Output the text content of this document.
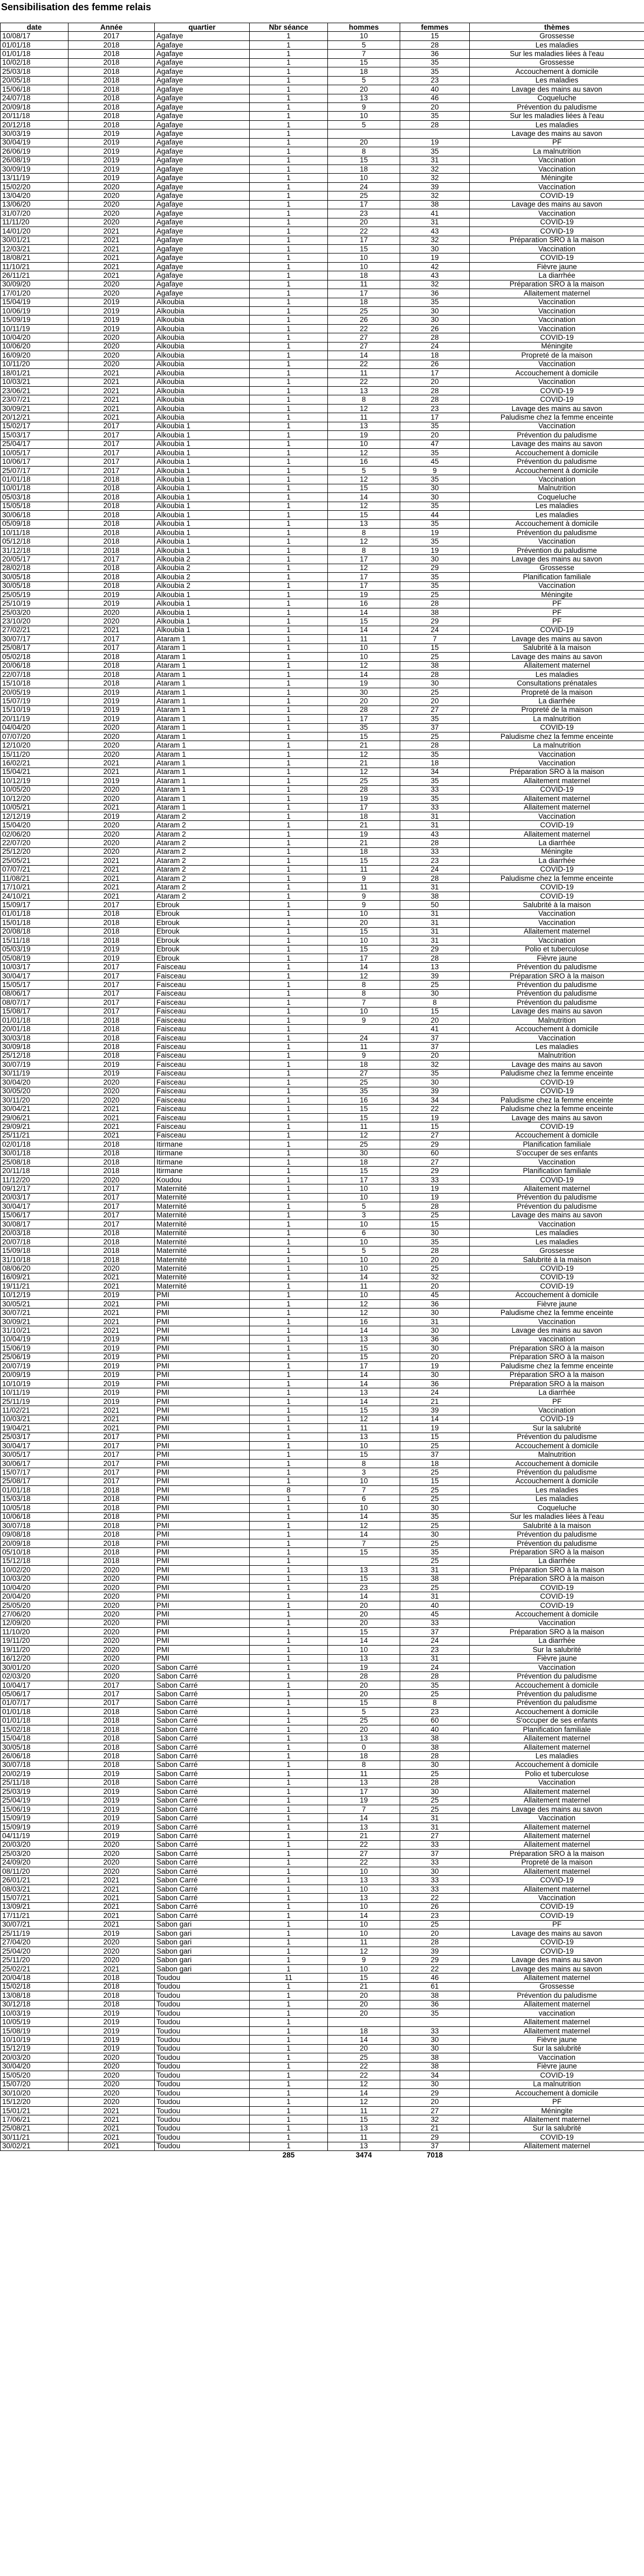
Sensibilisation des femme relais
date	Année	quartier	Nbr séance	hommes	femmes	thèmes
10/08/17	2017	Agafaye	1	10	15	Grossesse
01/01/18	2018	Agafaye	1	5	28	Les maladies
01/01/18	2018	Agafaye	1	7	36	Sur les maladies liées à l'eau
10/02/18	2018	Agafaye	1	15	35	Grossesse
25/03/18	2018	Agafaye	1	18	35	Accouchement à domicile
20/05/18	2018	Agafaye	1	5	23	Les maladies
15/06/18	2018	Agafaye	1	20	40	Lavage des mains au savon
24/07/18	2018	Agafaye	1	13	46	Coqueluche
20/09/18	2018	Agafaye	1	9	20	Prévention du paludisme
20/11/18	2018	Agafaye	1	10	35	Sur les maladies liées à l'eau
20/12/18	2018	Agafaye	1	5	28	Les maladies
30/03/19	2019	Agafaye	1			Lavage des mains au savon
30/04/19	2019	Agafaye	1	20	19	PF
26/06/19	2019	Agafaye	1	8	35	La malnutrition
26/08/19	2019	Agafaye	1	15	31	Vaccination
30/09/19	2019	Agafaye	1	18	32	Vaccination
13/11/19	2019	Agafaye	1	10	32	Méningite
15/02/20	2020	Agafaye	1	24	39	Vaccination
13/04/20	2020	Agafaye	1	25	32	COVID-19
13/06/20	2020	Agafaye	1	17	38	Lavage des mains au savon
31/07/20	2020	Agafaye	1	23	41	Vaccination
11/11/20	2020	Agafaye	1	20	31	COVID-19
14/01/20	2021	Agafaye	1	22	43	COVID-19
30/01/21	2021	Agafaye	1	17	32	Préparation SRO à la maison
12/03/21	2021	Agafaye	1	15	30	Vaccination
18/08/21	2021	Agafaye	1	10	19	COVID-19
11/10/21	2021	Agafaye	1	10	42	Fièvre jaune
26/11/21	2021	Agafaye	1	18	43	La diarrhée
30/09/20	2020	Agafaye	1	11	32	Préparation SRO à la maison
17/01/20	2020	Agafaye	1	17	36	Allaitement maternel
15/04/19	2019	Alkoubia	1	18	35	Vaccination
10/06/19	2019	Alkoubia	1	25	30	Vaccination
15/09/19	2019	Alkoubia	1	26	30	Vaccination
10/11/19	2019	Alkoubia	1	22	26	Vaccination
10/04/20	2020	Alkoubia	1	27	28	COVID-19
10/06/20	2020	Alkoubia	1	27	24	Méningite
16/09/20	2020	Alkoubia	1	14	18	Propreté de la maison
10/11/20	2020	Alkoubia	1	22	26	Vaccination
18/01/21	2021	Alkoubia	1	11	17	Accouchement à domicile
10/03/21	2021	Alkoubia	1	22	20	Vaccination
23/06/21	2021	Alkoubia	1	13	28	COVID-19
23/07/21	2021	Alkoubia	1	8	28	COVID-19
30/09/21	2021	Alkoubia	1	12	23	Lavage des mains au savon
20/12/21	2021	Alkoubia	1	11	17	Paludisme chez la femme enceinte
15/02/17	2017	Alkoubia 1	1	13	35	Vaccination
15/03/17	2017	Alkoubia 1	1	19	20	Prévention du paludisme
25/04/17	2017	Alkoubia 1	1	10	47	Lavage des mains au savon
10/05/17	2017	Alkoubia 1	1	12	35	Accouchement à domicile
10/06/17	2017	Alkoubia 1	1	16	45	Prévention du paludisme
25/07/17	2017	Alkoubia 1	1	5	9	Accouchement à domicile
01/01/18	2018	Alkoubia 1	1	12	35	Vaccination
10/01/18	2018	Alkoubia 1	1	15	30	Malnutrition
05/03/18	2018	Alkoubia 1	1	14	30	Coqueluche
15/05/18	2018	Alkoubia 1	1	12	35	Les maladies
30/06/18	2018	Alkoubia 1	1	15	44	Les maladies
05/09/18	2018	Alkoubia 1	1	13	35	Accouchement à domicile
10/11/18	2018	Alkoubia 1	1	8	19	Prévention du paludisme
05/12/18	2018	Alkoubia 1	1	12	35	Vaccination
31/12/18	2018	Alkoubia 1	1	8	19	Prévention du paludisme
20/05/17	2017	Alkoubia 2	1	17	30	Lavage des mains au savon
28/02/18	2018	Alkoubia 2	1	12	29	Grossesse
30/05/18	2018	Alkoubia 2	1	17	35	Planification familiale
30/05/18	2018	Alkoubia 2	1	17	35	Vaccination
25/05/19	2019	Alkoubia 1	1	19	25	Méningite
25/10/19	2019	Alkoubia 1	1	16	28	PF
25/03/20	2020	Alkoubia 1	1	14	38	PF
23/10/20	2020	Alkoubia 1	1	15	29	PF
27/02/21	2021	Alkoubia 1	1	14	24	COVID-19
30/07/17	2017	Ataram 1	1	11	7	Lavage des mains au savon
25/08/17	2017	Ataram 1	1	10	15	Salubrité à la maison
05/02/18	2018	Ataram 1	1	10	25	Lavage des mains au savon
20/06/18	2018	Ataram 1	1	12	38	Allaitement maternel
22/07/18	2018	Ataram 1	1	14	28	Les maladies
15/10/18	2018	Ataram 1	1	19	30	Consultations prénatales
20/05/19	2019	Ataram 1	1	30	25	Propreté de la maison
15/07/19	2019	Ataram 1	1	20	20	La diarrhée
15/10/19	2019	Ataram 1	1	28	27	Propreté de la maison
20/11/19	2019	Ataram 1	1	17	35	La malnutrition
04/04/20	2020	Ataram 1	1	35	37	COVID-19
07/07/20	2020	Ataram 1	1	15	25	Paludisme chez la femme enceinte
12/10/20	2020	Ataram 1	1	21	28	La malnutrition
15/11/20	2020	Ataram 1	1	12	35	Vaccination
16/02/21	2021	Ataram 1	1	21	18	Vaccination
15/04/21	2021	Ataram 1	1	12	34	Préparation SRO à la maison
10/12/19	2019	Ataram 1	1	25	35	Allaitement maternel
10/05/20	2020	Ataram 1	1	28	33	COVID-19
10/12/20	2020	Ataram 1	1	19	35	Allaitement maternel
10/05/21	2021	Ataram 1	1	17	33	Allaitement maternel
12/12/19	2019	Ataram 2	1	18	31	Vaccination
15/04/20	2020	Ataram 2	1	21	31	COVID-19
02/06/20	2020	Ataram 2	1	19	43	Allaitement maternel
22/07/20	2020	Ataram 2	1	21	28	La diarrhée
25/12/20	2020	Ataram 2	1	18	33	Méningite
25/05/21	2021	Ataram 2	1	15	23	La diarrhée
07/07/21	2021	Ataram 2	1	11	24	COVID-19
11/08/21	2021	Ataram 2	1	9	28	Paludisme chez la femme enceinte
17/10/21	2021	Ataram 2	1	11	31	COVID-19
24/10/21	2021	Ataram 2	1	9	38	COVID-19
15/09/17	2017	Ebrouk	1	9	50	Salubrité à la maison
01/01/18	2018	Ebrouk	1	10	31	Vaccination
15/01/18	2018	Ebrouk	1	20	31	Vaccination
20/08/18	2018	Ebrouk	1	15	31	Allaitement maternel
15/11/18	2018	Ebrouk	1	10	31	Vaccination
05/03/19	2019	Ebrouk	1	15	29	Polio et tuberculose
05/08/19	2019	Ebrouk	1	17	28	Fièvre jaune
10/03/17	2017	Faisceau	1	14	13	Prévention du paludisme
30/04/17	2017	Faisceau	1	12	39	Préparation SRO à la maison
15/05/17	2017	Faisceau	1	8	25	Prévention du paludisme
08/06/17	2017	Faisceau	1	8	30	Prévention du paludisme
08/07/17	2017	Faisceau	1	7	8	Prévention du paludisme
15/08/17	2017	Faisceau	1	10	15	Lavage des mains au savon
01/01/18	2018	Faisceau	1	9	20	Malnutrition
20/01/18	2018	Faisceau	1		41	Accouchement à domicile
30/03/18	2018	Faisceau	1	24	37	Vaccination
30/09/18	2018	Faisceau	1	11	37	Les maladies
25/12/18	2018	Faisceau	1	9	20	Malnutrition
30/07/19	2019	Faisceau	1	18	32	Lavage des mains au savon
30/11/19	2019	Faisceau	1	27	35	Paludisme chez la femme enceinte
30/04/20	2020	Faisceau	1	25	30	COVID-19
30/05/20	2020	Faisceau	1	35	39	COVID-19
30/11/20	2020	Faisceau	1	16	34	Paludisme chez la femme enceinte
30/04/21	2021	Faisceau	1	15	22	Paludisme chez la femme enceinte
29/06/21	2021	Faisceau	1	15	19	Lavage des mains au savon
29/09/21	2021	Faisceau	1	11	15	COVID-19
25/11/21	2021	Faisceau	1	12	27	Accouchement à domicile
02/01/18	2018	Itirmane	1	25	29	Planification familiale
30/01/18	2018	Itirmane	1	30	60	S'occuper de ses enfants
25/08/18	2018	Itirmane	1	18	27	Vaccination
20/11/18	2018	Itirmane	1	15	29	Planification familiale
11/12/20	2020	Koudou	1	17	33	COVID-19
09/12/17	2017	Maternité	1	10	19	Allaitement maternel
20/03/17	2017	Maternité	1	10	19	Prévention du paludisme
30/04/17	2017	Maternité	1	5	28	Prévention du paludisme
15/06/17	2017	Maternité	1	3	25	Lavage des mains au savon
30/08/17	2017	Maternité	1	10	15	Vaccination
20/03/18	2018	Maternité	1	6	30	Les maladies
20/07/18	2018	Maternité	1	10	35	Les maladies
15/09/18	2018	Maternité	1	5	28	Grossesse
31/10/18	2018	Maternité	1	10	20	Salubrité à la maison
08/06/20	2020	Maternité	1	10	25	COVID-19
16/09/21	2021	Maternité	1	14	32	COVID-19
19/11/21	2021	Maternité	1	11	20	COVID-19
10/12/19	2019	PMI	1	10	45	Accouchement à domicile
30/05/21	2021	PMI	1	12	36	Fièvre jaune
30/07/21	2021	PMI	1	12	30	Paludisme chez la femme enceinte
30/09/21	2021	PMI	1	16	31	Vaccination
31/10/21	2021	PMI	1	14	30	Lavage des mains au savon
10/04/19	2019	PMI	1	13	36	vaccination
15/06/19	2019	PMI	1	15	30	Préparation SRO à la maison
25/06/19	2019	PMI	1	15	20	Préparation SRO à la maison
20/07/19	2019	PMI	1	17	19	Paludisme chez la femme enceinte
20/09/19	2019	PMI	1	14	30	Préparation SRO à la maison
10/10/19	2019	PMI	1	14	36	Préparation SRO à la maison
10/11/19	2019	PMI	1	13	24	La diarrhée
25/11/19	2019	PMI	1	14	21	PF
11/02/21	2021	PMI	1	15	39	Vaccination
10/03/21	2021	PMI	1	12	14	COVID-19
19/04/21	2021	PMI	1	11	19	Sur la salubrité
25/03/17	2017	PMI	1	13	15	Prévention du paludisme
30/04/17	2017	PMI	1	10	25	Accouchement à domicile
30/05/17	2017	PMI	1	15	37	Malnutrition
30/06/17	2017	PMI	1	8	18	Accouchement à domicile
15/07/17	2017	PMI	1	3	25	Prévention du paludisme
25/08/17	2017	PMI	1	10	15	Accouchement à domicile
01/01/18	2018	PMI	8	7	25	Les maladies
15/03/18	2018	PMI	1	6	25	Les maladies
10/05/18	2018	PMI	1	10	30	Coqueluche
10/06/18	2018	PMI	1	14	35	Sur les maladies liées à l'eau
30/07/18	2018	PMI	1	12	25	Salubrité à la maison
09/08/18	2018	PMI	1	14	30	Prévention du paludisme
20/09/18	2018	PMI	1	7	25	Prévention du paludisme
05/10/18	2018	PMI	1	15	35	Préparation SRO à la maison
15/12/18	2018	PMI	1		25	La diarrhée
10/02/20	2020	PMI	1	13	31	Préparation SRO à la maison
10/03/20	2020	PMI	1	15	38	Préparation SRO à la maison
10/04/20	2020	PMI	1	23	25	COVID-19
20/04/20	2020	PMI	1	14	31	COVID-19
25/05/20	2020	PMI	1	20	40	COVID-19
27/06/20	2020	PMI	1	20	45	Accouchement à domicile
12/09/20	2020	PMI	1	20	33	Vaccination
11/10/20	2020	PMI	1	15	37	Préparation SRO à la maison
19/11/20	2020	PMI	1	14	24	La diarrhée
19/11/20	2020	PMI	1	10	23	Sur la salubrité
16/12/20	2020	PMI	1	13	31	Fièvre jaune
30/01/20	2020	Sabon Carré	1	19	24	Vaccination
02/03/20	2020	Sabon Carré	1	28	28	Prévention du paludisme
10/04/17	2017	Sabon Carré	1	20	35	Accouchement à domicile
05/06/17	2017	Sabon Carré	1	20	25	Prévention du paludisme
01/07/17	2017	Sabon Carré	1	15	8	Prévention du paludisme
01/01/18	2018	Sabon Carré	1	5	23	Accouchement à domicile
01/01/18	2018	Sabon Carré	1	25	60	S'occuper de ses enfants
15/02/18	2018	Sabon Carré	1	20	40	Planification familiale
15/04/18	2018	Sabon Carré	1	13	38	Allaitement maternel
30/05/18	2018	Sabon Carré	1	0	38	Allaitement maternel
26/06/18	2018	Sabon Carré	1	18	28	Les maladies
30/07/18	2018	Sabon Carré	1	8	30	Accouchement à domicile
20/02/19	2019	Sabon Carré	1	11	25	Polio et tuberculose
25/11/18	2018	Sabon Carré	1	13	28	Vaccination
25/03/19	2019	Sabon Carré	1	17	30	Allaitement maternel
25/04/19	2019	Sabon Carré	1	19	25	Allaitement maternel
15/06/19	2019	Sabon Carré	1	7	25	Lavage des mains au savon
15/09/19	2019	Sabon Carré	1	14	31	Vaccination
15/09/19	2019	Sabon Carré	1	13	31	Allaitement maternel
04/11/19	2019	Sabon Carré	1	21	27	Allaitement maternel
20/03/20	2020	Sabon Carré	1	22	33	Allaitement maternel
25/03/20	2020	Sabon Carré	1	27	37	Préparation SRO à la maison
24/09/20	2020	Sabon Carré	1	22	33	Propreté de la maison
08/11/20	2020	Sabon Carré	1	10	30	Allaitement maternel
26/01/21	2021	Sabon Carré	1	13	33	COVID-19
08/03/21	2021	Sabon Carré	1	10	33	Allaitement maternel
15/07/21	2021	Sabon Carré	1	13	22	Vaccination
13/09/21	2021	Sabon Carré	1	10	26	COVID-19
17/11/21	2021	Sabon Carré	1	14	23	COVID-19
30/07/21	2021	Sabon gari	1	10	25	PF
25/11/19	2019	Sabon gari	1	10	20	Lavage des mains au savon
27/04/20	2020	Sabon gari	1	11	28	COVID-19
25/04/20	2020	Sabon gari	1	12	39	COVID-19
25/11/20	2020	Sabon gari	1	9	29	Lavage des mains au savon
25/02/21	2021	Sabon gari	1	10	22	Lavage des mains au savon
20/04/18	2018	Toudou	11	15	46	Allaitement maternel
15/02/18	2018	Toudou	1	21	61	Grossesse
13/08/18	2018	Toudou	1	20	38	Prévention du paludisme
30/12/18	2018	Toudou	1	20	36	Allaitement maternel
10/03/19	2019	Toudou	1	20	35	vaccination
10/05/19	2019	Toudou	1			Allaitement maternel
15/08/19	2019	Toudou	1	18	33	Allaitement maternel
10/10/19	2019	Toudou	1	14	30	Fièvre jaune
15/12/19	2019	Toudou	1	20	30	Sur la salubrité
20/03/20	2020	Toudou	1	25	38	Vaccination
30/04/20	2020	Toudou	1	22	38	Fièvre jaune
15/05/20	2020	Toudou	1	22	34	COVID-19
15/07/20	2020	Toudou	1	12	30	La malnutrition
30/10/20	2020	Toudou	1	14	29	Accouchement à domicile
15/12/20	2020	Toudou	1	12	20	PF
15/01/21	2021	Toudou	1	11	27	Méningite
17/06/21	2021	Toudou	1	15	32	Allaitement maternel
25/08/21	2021	Toudou	1	13	21	Sur la salubrité
30/11/21	2021	Toudou	1	11	29	COVID-19
30/02/21	2021	Toudou	1	13	37	Allaitement maternel
			285	3474	7018	
